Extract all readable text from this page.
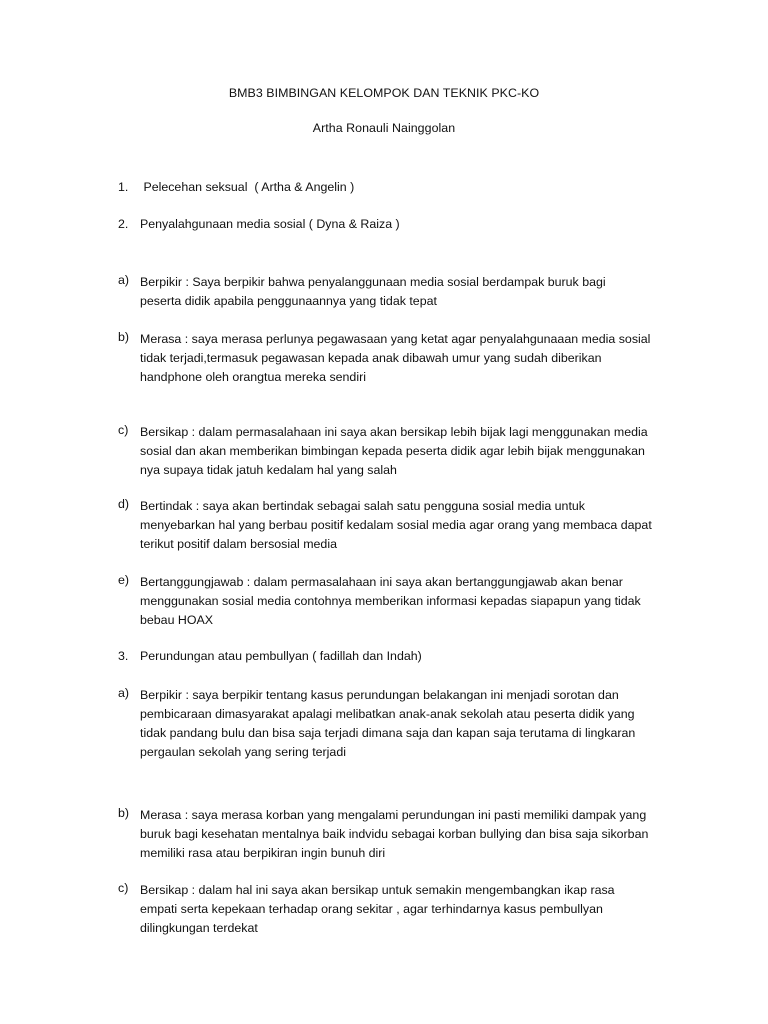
BMB3 BIMBINGAN KELOMPOK DAN TEKNIK PKC-KO
Artha Ronauli Nainggolan
1. Pelecehan seksual  ( Artha & Angelin )
2. Penyalahgunaan media sosial ( Dyna & Raiza )
a) Berpikir : Saya berpikir bahwa penyalanggunaan media sosial berdampak buruk bagi
peserta didik apabila penggunaannya yang tidak tepat
b) Merasa : saya merasa perlunya pegawasaan yang ketat agar penyalahgunaaan media sosial
tidak terjadi,termasuk pegawasan kepada anak dibawah umur yang sudah diberikan
handphone oleh orangtua mereka sendiri
c) Bersikap : dalam permasalahaan ini saya akan bersikap lebih bijak lagi menggunakan media
sosial dan akan memberikan bimbingan kepada peserta didik agar lebih bijak menggunakan
nya supaya tidak jatuh kedalam hal yang salah
d) Bertindak : saya akan bertindak sebagai salah satu pengguna sosial media untuk
menyebarkan hal yang berbau positif kedalam sosial media agar orang yang membaca dapat
terikut positif dalam bersosial media
e) Bertanggungjawab : dalam permasalahaan ini saya akan bertanggungjawab akan benar
menggunakan sosial media contohnya memberikan informasi kepadas siapapun yang tidak
bebau HOAX
3. Perundungan atau pembullyan ( fadillah dan Indah)
a) Berpikir : saya berpikir tentang kasus perundungan belakangan ini menjadi sorotan dan
pembicaraan dimasyarakat apalagi melibatkan anak-anak sekolah atau peserta didik yang
tidak pandang bulu dan bisa saja terjadi dimana saja dan kapan saja terutama di lingkaran
pergaulan sekolah yang sering terjadi
b) Merasa : saya merasa korban yang mengalami perundungan ini pasti memiliki dampak yang
buruk bagi kesehatan mentalnya baik indvidu sebagai korban bullying dan bisa saja sikorban
memiliki rasa atau berpikiran ingin bunuh diri
c) Bersikap : dalam hal ini saya akan bersikap untuk semakin mengembangkan ikap rasa
empati serta kepekaan terhadap orang sekitar , agar terhindarnya kasus pembullyan
dilingkungan terdekat
